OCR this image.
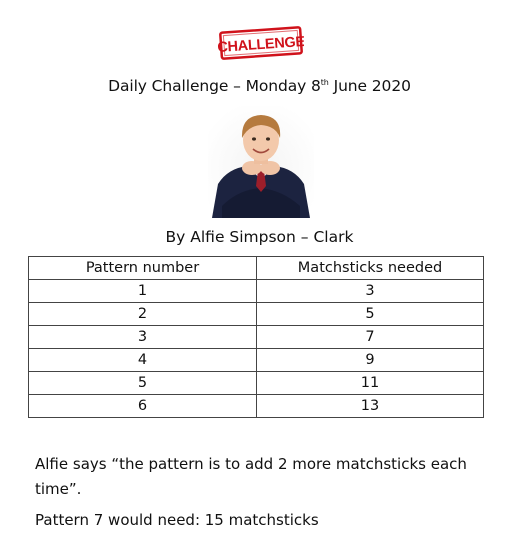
CHALLENGE
Daily Challenge – Monday 8th June 2020
By Alfie Simpson – Clark
Pattern number	Matchsticks needed
1	3
2	5
3	7
4	9
5	11
6	13
Alfie says “the pattern is to add 2 more matchsticks each time”.
Pattern 7 would need: 15 matchsticks
